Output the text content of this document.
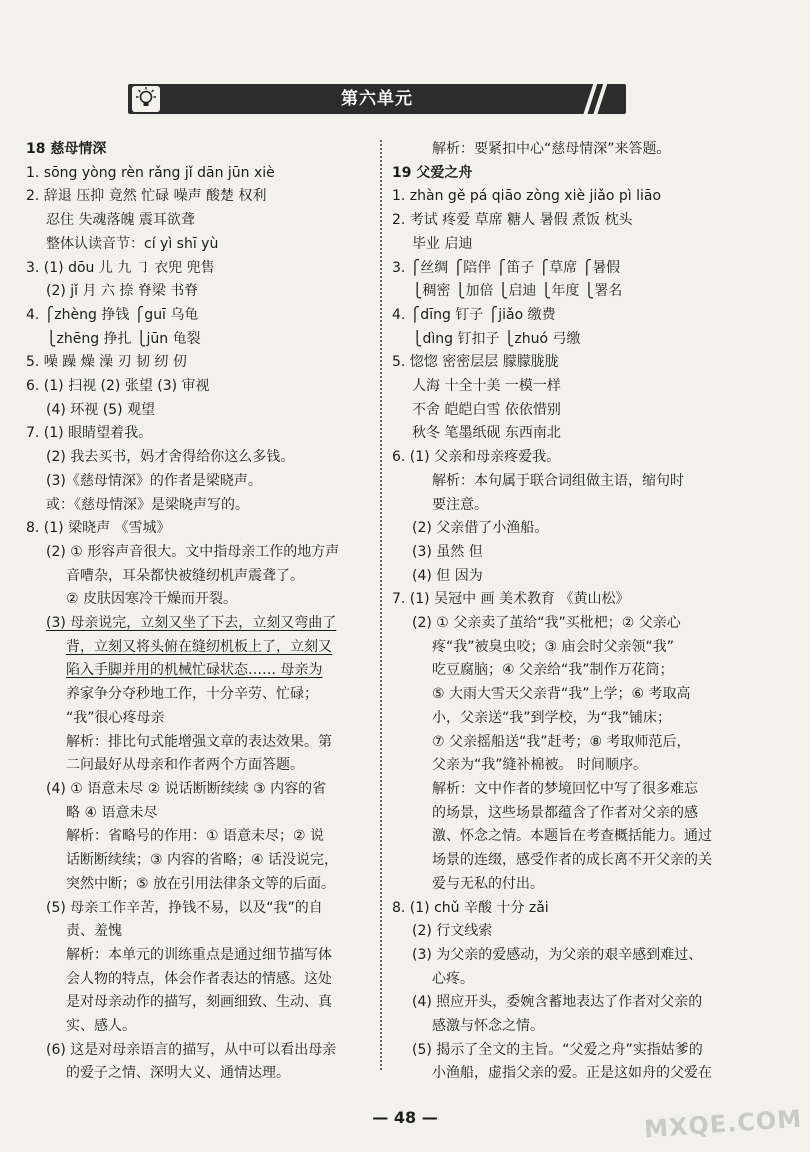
第六单元
18 慈母情深
1. sōng yòng rèn rǎng jǐ dān jūn xiè
2. 辞退 压抑 竟然 忙碌 噪声 酸楚 权利
忍住 失魂落魄 震耳欲聋
整体认读音节：cí yì shī yù
3. (1) dōu 儿 九 ㇆ 衣兜 兜售
(2) jǐ 月 六 捺 脊梁 书脊
4. ⎧zhèng 挣钱 ⎧guī 乌龟
⎩zhēng 挣扎 ⎩jūn 龟裂
5. 噪 躁 燥 澡 刃 韧 纫 仞
6. (1) 扫视 (2) 张望 (3) 审视
(4) 环视 (5) 观望
7. (1) 眼睛望着我。
(2) 我去买书，妈才舍得给你这么多钱。
(3)《慈母情深》的作者是梁晓声。
或：《慈母情深》是梁晓声写的。
8. (1) 梁晓声 《雪城》
(2) ① 形容声音很大。文中指母亲工作的地方声
音嘈杂，耳朵都快被缝纫机声震聋了。
② 皮肤因寒冷干燥而开裂。
(3) 母亲说完，立刻又坐了下去，立刻又弯曲了
背，立刻又将头俯在缝纫机板上了，立刻又
陷入手脚并用的机械忙碌状态…… 母亲为
养家争分夺秒地工作，十分辛劳、忙碌；
“我”很心疼母亲
解析：排比句式能增强文章的表达效果。第
二问最好从母亲和作者两个方面答题。
(4) ① 语意未尽 ② 说话断断续续 ③ 内容的省
略 ④ 语意未尽
解析：省略号的作用：① 语意未尽；② 说
话断断续续；③ 内容的省略；④ 话没说完，
突然中断；⑤ 放在引用法律条文等的后面。
(5) 母亲工作辛苦，挣钱不易，以及“我”的自
责、羞愧
解析：本单元的训练重点是通过细节描写体
会人物的特点，体会作者表达的情感。这处
是对母亲动作的描写，刻画细致、生动、真
实、感人。
(6) 这是对母亲语言的描写，从中可以看出母亲
的爱子之情、深明大义、通情达理。
解析：要紧扣中心“慈母情深”来答题。
19 父爱之舟
1. zhàn gě pá qiāo zòng xiè jiǎo pì liāo
2. 考试 疼爱 草席 糖人 暑假 煮饭 枕头
毕业 启迪
3. ⎧丝绸 ⎧陪伴 ⎧笛子 ⎧草席 ⎧暑假
⎩稠密 ⎩加倍 ⎩启迪 ⎩年度 ⎩署名
4. ⎧dīng 钉子 ⎧jiǎo 缴费
⎩dìng 钉扣子 ⎩zhuó 弓缴
5. 惚惚 密密层层 朦朦胧胧
人海 十全十美 一模一样
不舍 皑皑白雪 依依惜别
秋冬 笔墨纸砚 东西南北
6. (1) 父亲和母亲疼爱我。
解析：本句属于联合词组做主语，缩句时
要注意。
(2) 父亲借了小渔船。
(3) 虽然 但
(4) 但 因为
7. (1) 吴冠中 画 美术教育 《黄山松》
(2) ① 父亲卖了茧给“我”买枇杷；② 父亲心
疼“我”被臭虫咬；③ 庙会时父亲领“我”
吃豆腐脑；④ 父亲给“我”制作万花筒；
⑤ 大雨大雪天父亲背“我”上学；⑥ 考取高
小，父亲送“我”到学校，为“我”铺床；
⑦ 父亲摇船送“我”赶考；⑧ 考取师范后，
父亲为“我”缝补棉被。 时间顺序。
解析：文中作者的梦境回忆中写了很多难忘
的场景，这些场景都蕴含了作者对父亲的感
激、怀念之情。本题旨在考查概括能力。通过
场景的连缀，感受作者的成长离不开父亲的关
爱与无私的付出。
8. (1) chǔ 辛酸 十分 zǎi
(2) 行文线索
(3) 为父亲的爱感动，为父亲的艰辛感到难过、
心疼。
(4) 照应开头，委婉含蓄地表达了作者对父亲的
感激与怀念之情。
(5) 揭示了全文的主旨。“父爱之舟”实指姑爹的
小渔船，虚指父亲的爱。正是这如舟的父爱在
— 48 —	MXQE.COM
